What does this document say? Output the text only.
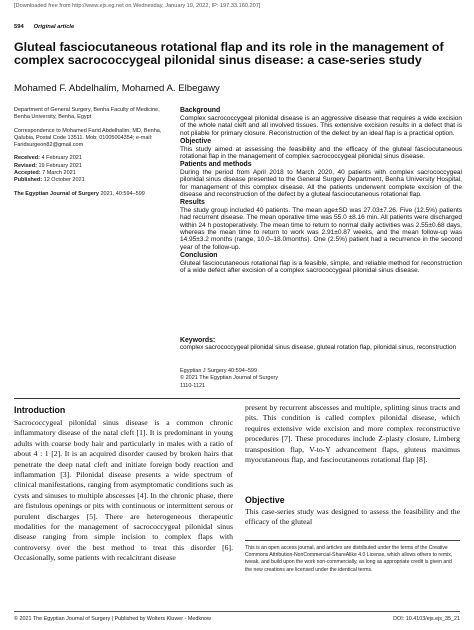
[Downloaded free from http://www.ejs.eg.net on Wednesday, January 19, 2022, IP: 197.33.160.207]
594 Original article
Gluteal fasciocutaneous rotational flap and its role in the management of complex sacrococcygeal pilonidal sinus disease: a case-series study
Mohamed F. Abdelhalim, Mohamed A. Elbegawy

Department of General Surgery, Benha Faculty of Medicine, Benha University, Benha, Egypt

Correspondence to Mohamed Farid Abdelhalim, MD, Benha, Qalubia, Postal Code 13511. Mob: 01005004354; e-mail: Faridsurgeon82@gmail.com

Received: 4 February 2021
Revised: 19 February 2021
Accepted: 7 March 2021
Published: 12 October 2021

The Egyptian Journal of Surgery 2021, 40:594–599

Background

Complex sacrococcygeal pilonidal disease is an aggressive disease that requires a wide excision of the whole natal cleft and all involved tissues. This extensive excision results in a defect that is not pliable for primary closure. Reconstruction of the defect by an ideal flap is a practical option.

Objective

This study aimed at assessing the feasibility and the efficacy of the gluteal fasciocutaneous rotational flap in the management of complex sacrococcygeal pilonidal sinus disease.

Patients and methods

During the period from April 2018 to March 2020, 40 patients with complex sacrococcygeal pilonidal sinus disease presented to the General Surgery Department, Benha University Hospital, for management of this complex disease. All the patients underwent complete excision of the disease and reconstruction of the defect by a gluteal fasciocutaneous rotational flap.

Results

The study group included 40 patients. The mean age±SD was 27.03±7.26. Five (12.5%) patients had recurrent disease. The mean operative time was 55.0 ±8.16 min. All patients were discharged within 24 h postoperatively. The mean time to return to normal daily activities was 2.55±0.68 days, whereas the mean time to return to work was 2.91±0.87 weeks, and the mean follow-up was 14.95±3.2 months (range, 10.0–18.0months). One (2.5%) patient had a recurrence in the second year of the follow-up.

Conclusion

Gluteal fasciocutaneous rotational flap is a feasible, simple, and reliable method for reconstruction of a wide defect after excision of a complex sacrococcygeal pilonidal sinus disease.

Keywords:
complex sacrococcygeal pilonidal sinus disease, gluteal rotation flap, pilonidal sinus, reconstruction
Egyptian J Surgery 40:594–599
© 2021 The Egyptian Journal of Surgery
1110-1121
Introduction
Sacrococcygeal pilonidal sinus disease is a common chronic inflammatory disease of the natal cleft [1]. It is predominant in young adults with coarse body hair and particularly in males with a ratio of about 4 : 1 [2]. It is an acquired disorder caused by broken hairs that penetrate the deep natal cleft and initiate foreign body reaction and inflammation [3]. Pilonidal disease presents a wide spectrum of clinical manifestations, ranging from asymptomatic conditions such as cysts and sinuses to multiple abscesses [4]. In the chronic phase, there are fistulous openings or pits with continuous or intermittent serous or purulent discharges [5]. There are heterogeneous therapeutic modalities for the management of sacrococcygeal pilonidal sinus disease ranging from simple incision to complex flaps with controversy over the best method to treat this disorder [6]. Occasionally, some patients with recalcitrant disease
present by recurrent abscesses and multiple, splitting sinus tracts and pits. This condition is called complex pilonidal disease, which requires extensive wide excision and more complex reconstructive procedures [7]. These procedures include Z-plasty closure, Limberg transposition flap, V-to-Y advancement flaps, gluteus maximus myocutaneous flap, and fasciocutaneous rotational flap [8].
Objective
This case-series study was designed to assess the feasibility and the efficacy of the gluteal
This is an open access journal, and articles are distributed under the terms of the Creative Commons Attribution-NonCommercial-ShareAlike 4.0 License, which allows others to remix, tweak, and build upon the work non-commercially, as long as appropriate credit is given and the new creations are licensed under the identical terms.
© 2021 The Egyptian Journal of Surgery | Published by Wolters Kluwer - Medknow	DOI: 10.4103/ejs.ejs_35_21
